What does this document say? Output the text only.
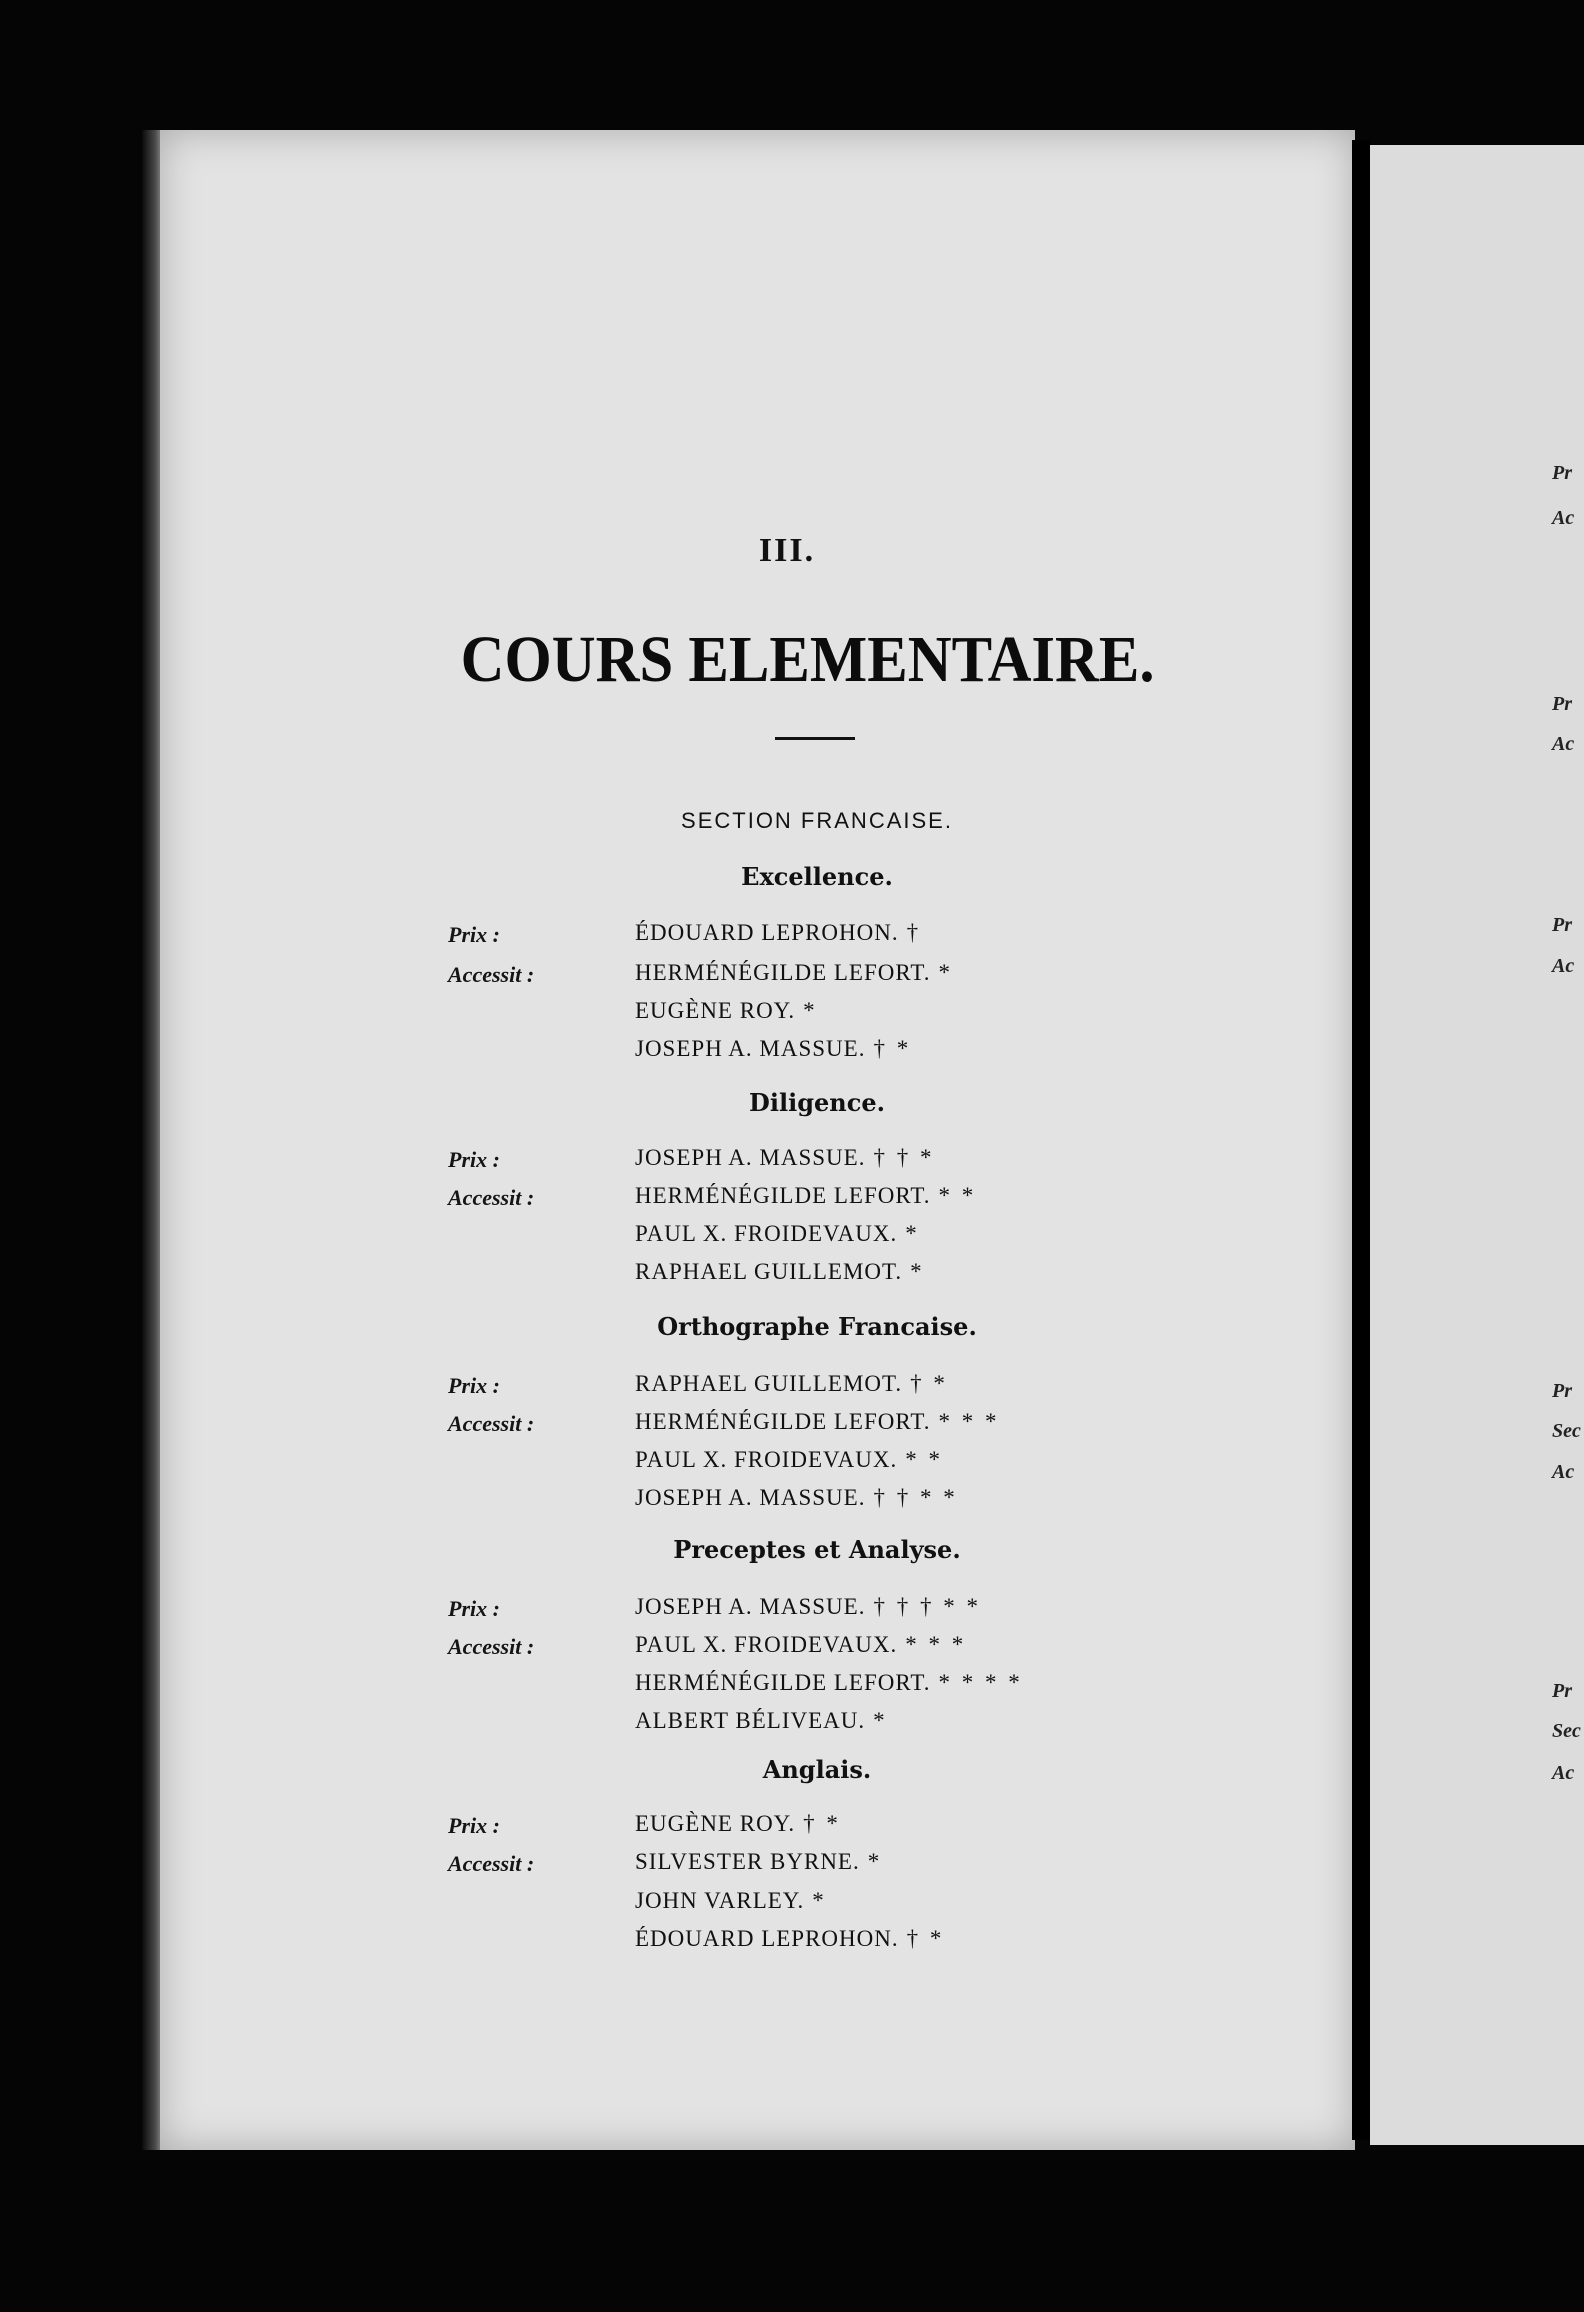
Pr
Ac
Pr
Ac
Pr
Ac
Pr
Sec
Ac
Pr
Sec
Ac
III.
COURS ELEMENTAIRE.
SECTION FRANCAISE.
Excellence.
Prix :	ÉDOUARD LEPROHON. †
Accessit :	HERMÉNÉGILDE LEFORT. *
EUGÈNE ROY. *
JOSEPH A. MASSUE. † *
Diligence.
Prix :	JOSEPH A. MASSUE. † † *
Accessit :	HERMÉNÉGILDE LEFORT. * *
PAUL X. FROIDEVAUX. *
RAPHAEL GUILLEMOT. *
Orthographe Francaise.
Prix :	RAPHAEL GUILLEMOT. † *
Accessit :	HERMÉNÉGILDE LEFORT. * * *
PAUL X. FROIDEVAUX. * *
JOSEPH A. MASSUE. † † * *
Preceptes et Analyse.
Prix :	JOSEPH A. MASSUE. † † † * *
Accessit :	PAUL X. FROIDEVAUX. * * *
HERMÉNÉGILDE LEFORT. * * * *
ALBERT BÉLIVEAU. *
Anglais.
Prix :	EUGÈNE ROY. † *
Accessit :	SILVESTER BYRNE. *
JOHN VARLEY. *
ÉDOUARD LEPROHON. † *
